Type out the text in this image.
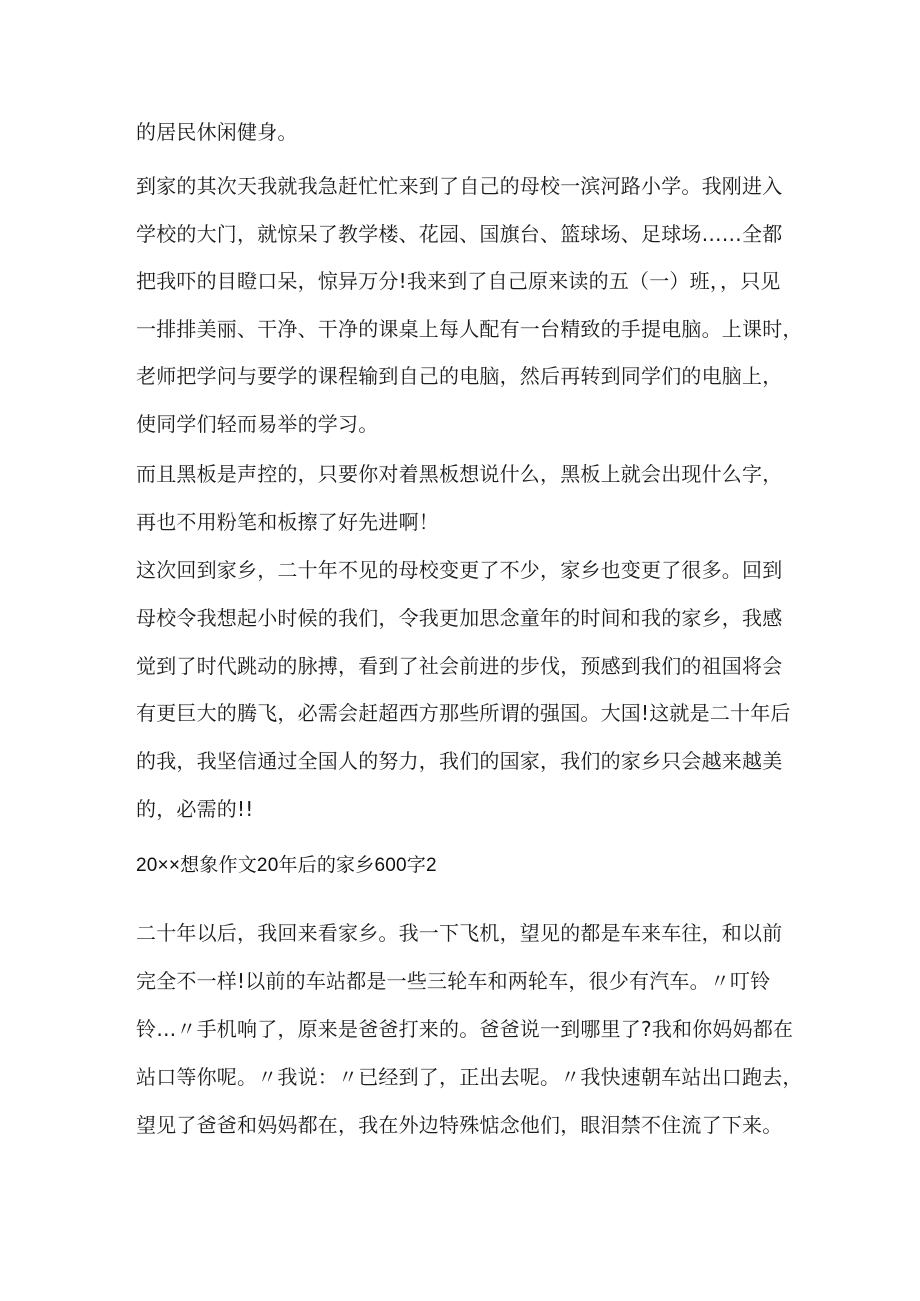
的居民休闲健身。

到家的其次天我就我急赶忙忙来到了自己的母校一滨河路小学。我刚进入

学校的大门，就惊呆了教学楼、花园、国旗台、篮球场、足球场……全都

把我吓的目瞪口呆，惊异万分!我来到了自己原来读的五（一）班，，只见

一排排美丽、干净、干净的课桌上每人配有一台精致的手提电脑。上课时，

老师把学问与要学的课程输到自己的电脑，然后再转到同学们的电脑上，

使同学们轻而易举的学习。

而且黑板是声控的，只要你对着黑板想说什么，黑板上就会出现什么字，

再也不用粉笔和板擦了好先进啊！

这次回到家乡，二十年不见的母校变更了不少，家乡也变更了很多。回到

母校令我想起小时候的我们，令我更加思念童年的时间和我的家乡，我感

觉到了时代跳动的脉搏，看到了社会前进的步伐，预感到我们的祖国将会

有更巨大的腾飞，必需会赶超西方那些所谓的强国。大国!这就是二十年后

的我，我坚信通过全国人的努力，我们的国家，我们的家乡只会越来越美

的，必需的!!

20××想象作文20年后的家乡600字2

二十年以后，我回来看家乡。我一下飞机，望见的都是车来车往，和以前

完全不一样!以前的车站都是一些三轮车和两轮车，很少有汽车。〃叮铃

铃…〃手机响了，原来是爸爸打来的。爸爸说一到哪里了?我和你妈妈都在

站口等你呢。〃我说：〃已经到了，正出去呢。〃我快速朝车站出口跑去，

望见了爸爸和妈妈都在，我在外边特殊惦念他们，眼泪禁不住流了下来。
